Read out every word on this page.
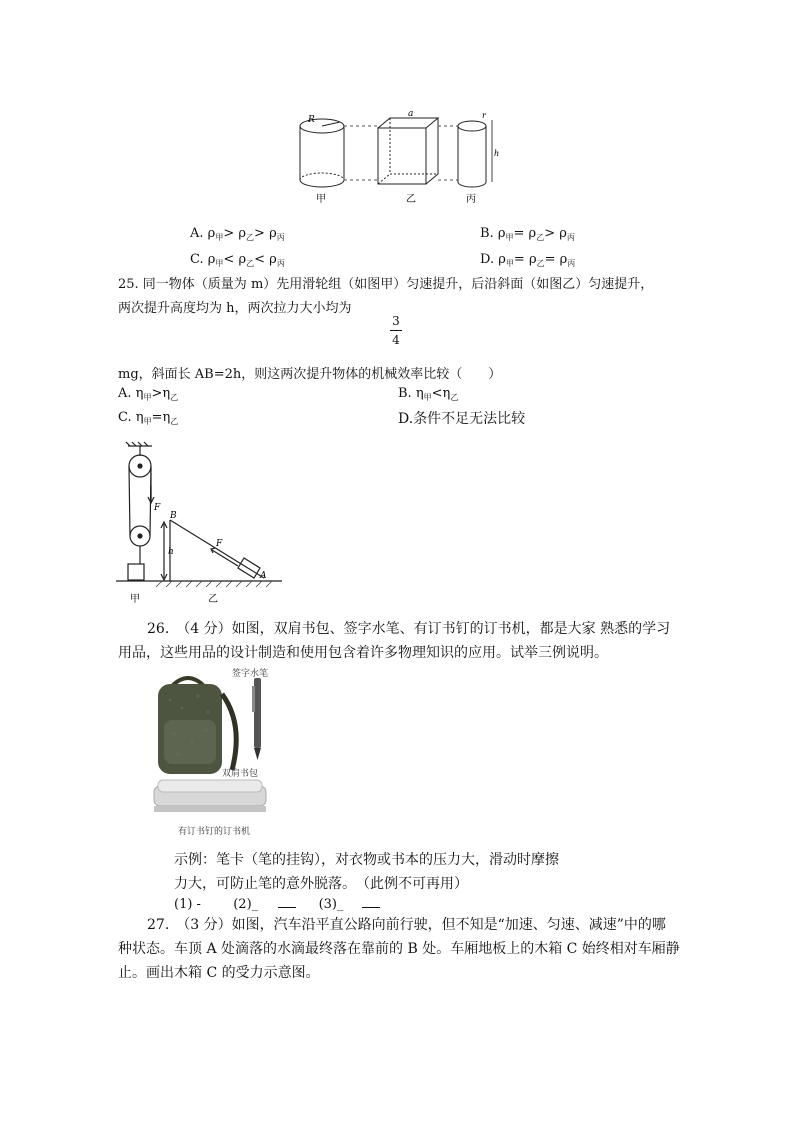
R
a	r
h
甲	乙	丙
A. $\rho_甲> \rho_乙> \rho_丙$	B. $\rho_甲= \rho_乙> \rho_丙$
C. $\rho_甲< \rho_乙< \rho_丙$	D. $\rho_甲= \rho_乙= \rho_丙$
25. 同一物体（质量为 m）先用滑轮组（如图甲）匀速提升，后沿斜面（如图乙）匀速提升，
两次提升高度均为 h，两次拉力大小均为
3
4
mg，斜面长 AB=2h，则这两次提升物体的机械效率比较（　　）
A. $\eta_甲>\eta_乙$	B. $\eta_甲<\eta_乙$
C. $\eta_甲=\eta_乙$	D.条件不足无法比较
F
F
B
A
h
甲	乙
26.　（4 分）如图，双肩书包、签字水笔、有订书钉的订书机，都是大家 熟悉的学习
用品，这些用品的设计制造和使用包含着许多物理知识的应用。试举三例说明。
签字水笔
双肩书包
有订书钉的订书机
示例：笔卡（笔的挂钩），对衣物或书本的压力大，滑动时摩擦
力大，可防止笔的意外脱落。　（此例不可再用）
(1) - (2)_	(3)_
27.　（3 分）如图，汽车沿平直公路向前行驶，但不知是“加速、匀速、减速”中的哪
种状态。车顶 A 处滴落的水滴最终落在靠前的 B 处。车厢地板上的木箱 C 始终相对车厢静
止。画出木箱 C 的受力示意图。
